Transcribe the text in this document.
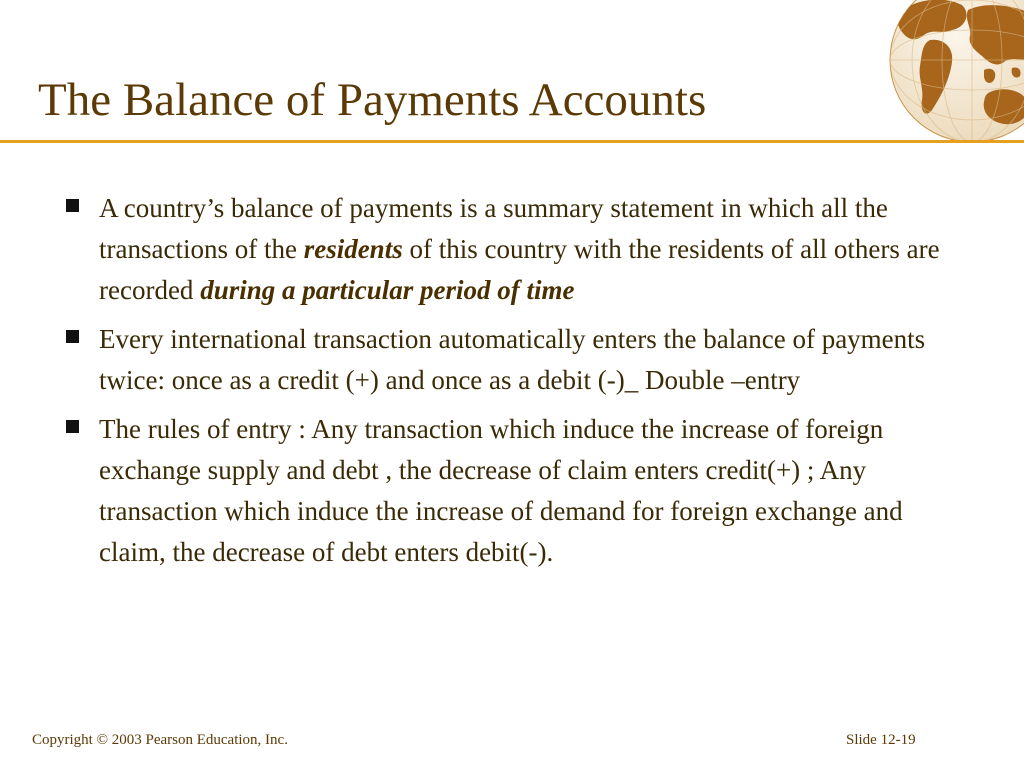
The Balance of Payments Accounts
A country’s balance of payments is a summary statement in which all the transactions of the residents of this country with the residents of all others are recorded during a particular period of time
Every international transaction automatically enters the balance of payments twice: once as a credit (+) and once as a debit (-)_ Double –entry
The rules of entry : Any transaction which induce the increase of foreign exchange supply and debt , the decrease of claim enters credit(+) ; Any transaction which induce the increase of demand for foreign exchange and claim, the decrease of debt enters debit(-).
Copyright © 2003 Pearson Education, Inc.	Slide 12-19
